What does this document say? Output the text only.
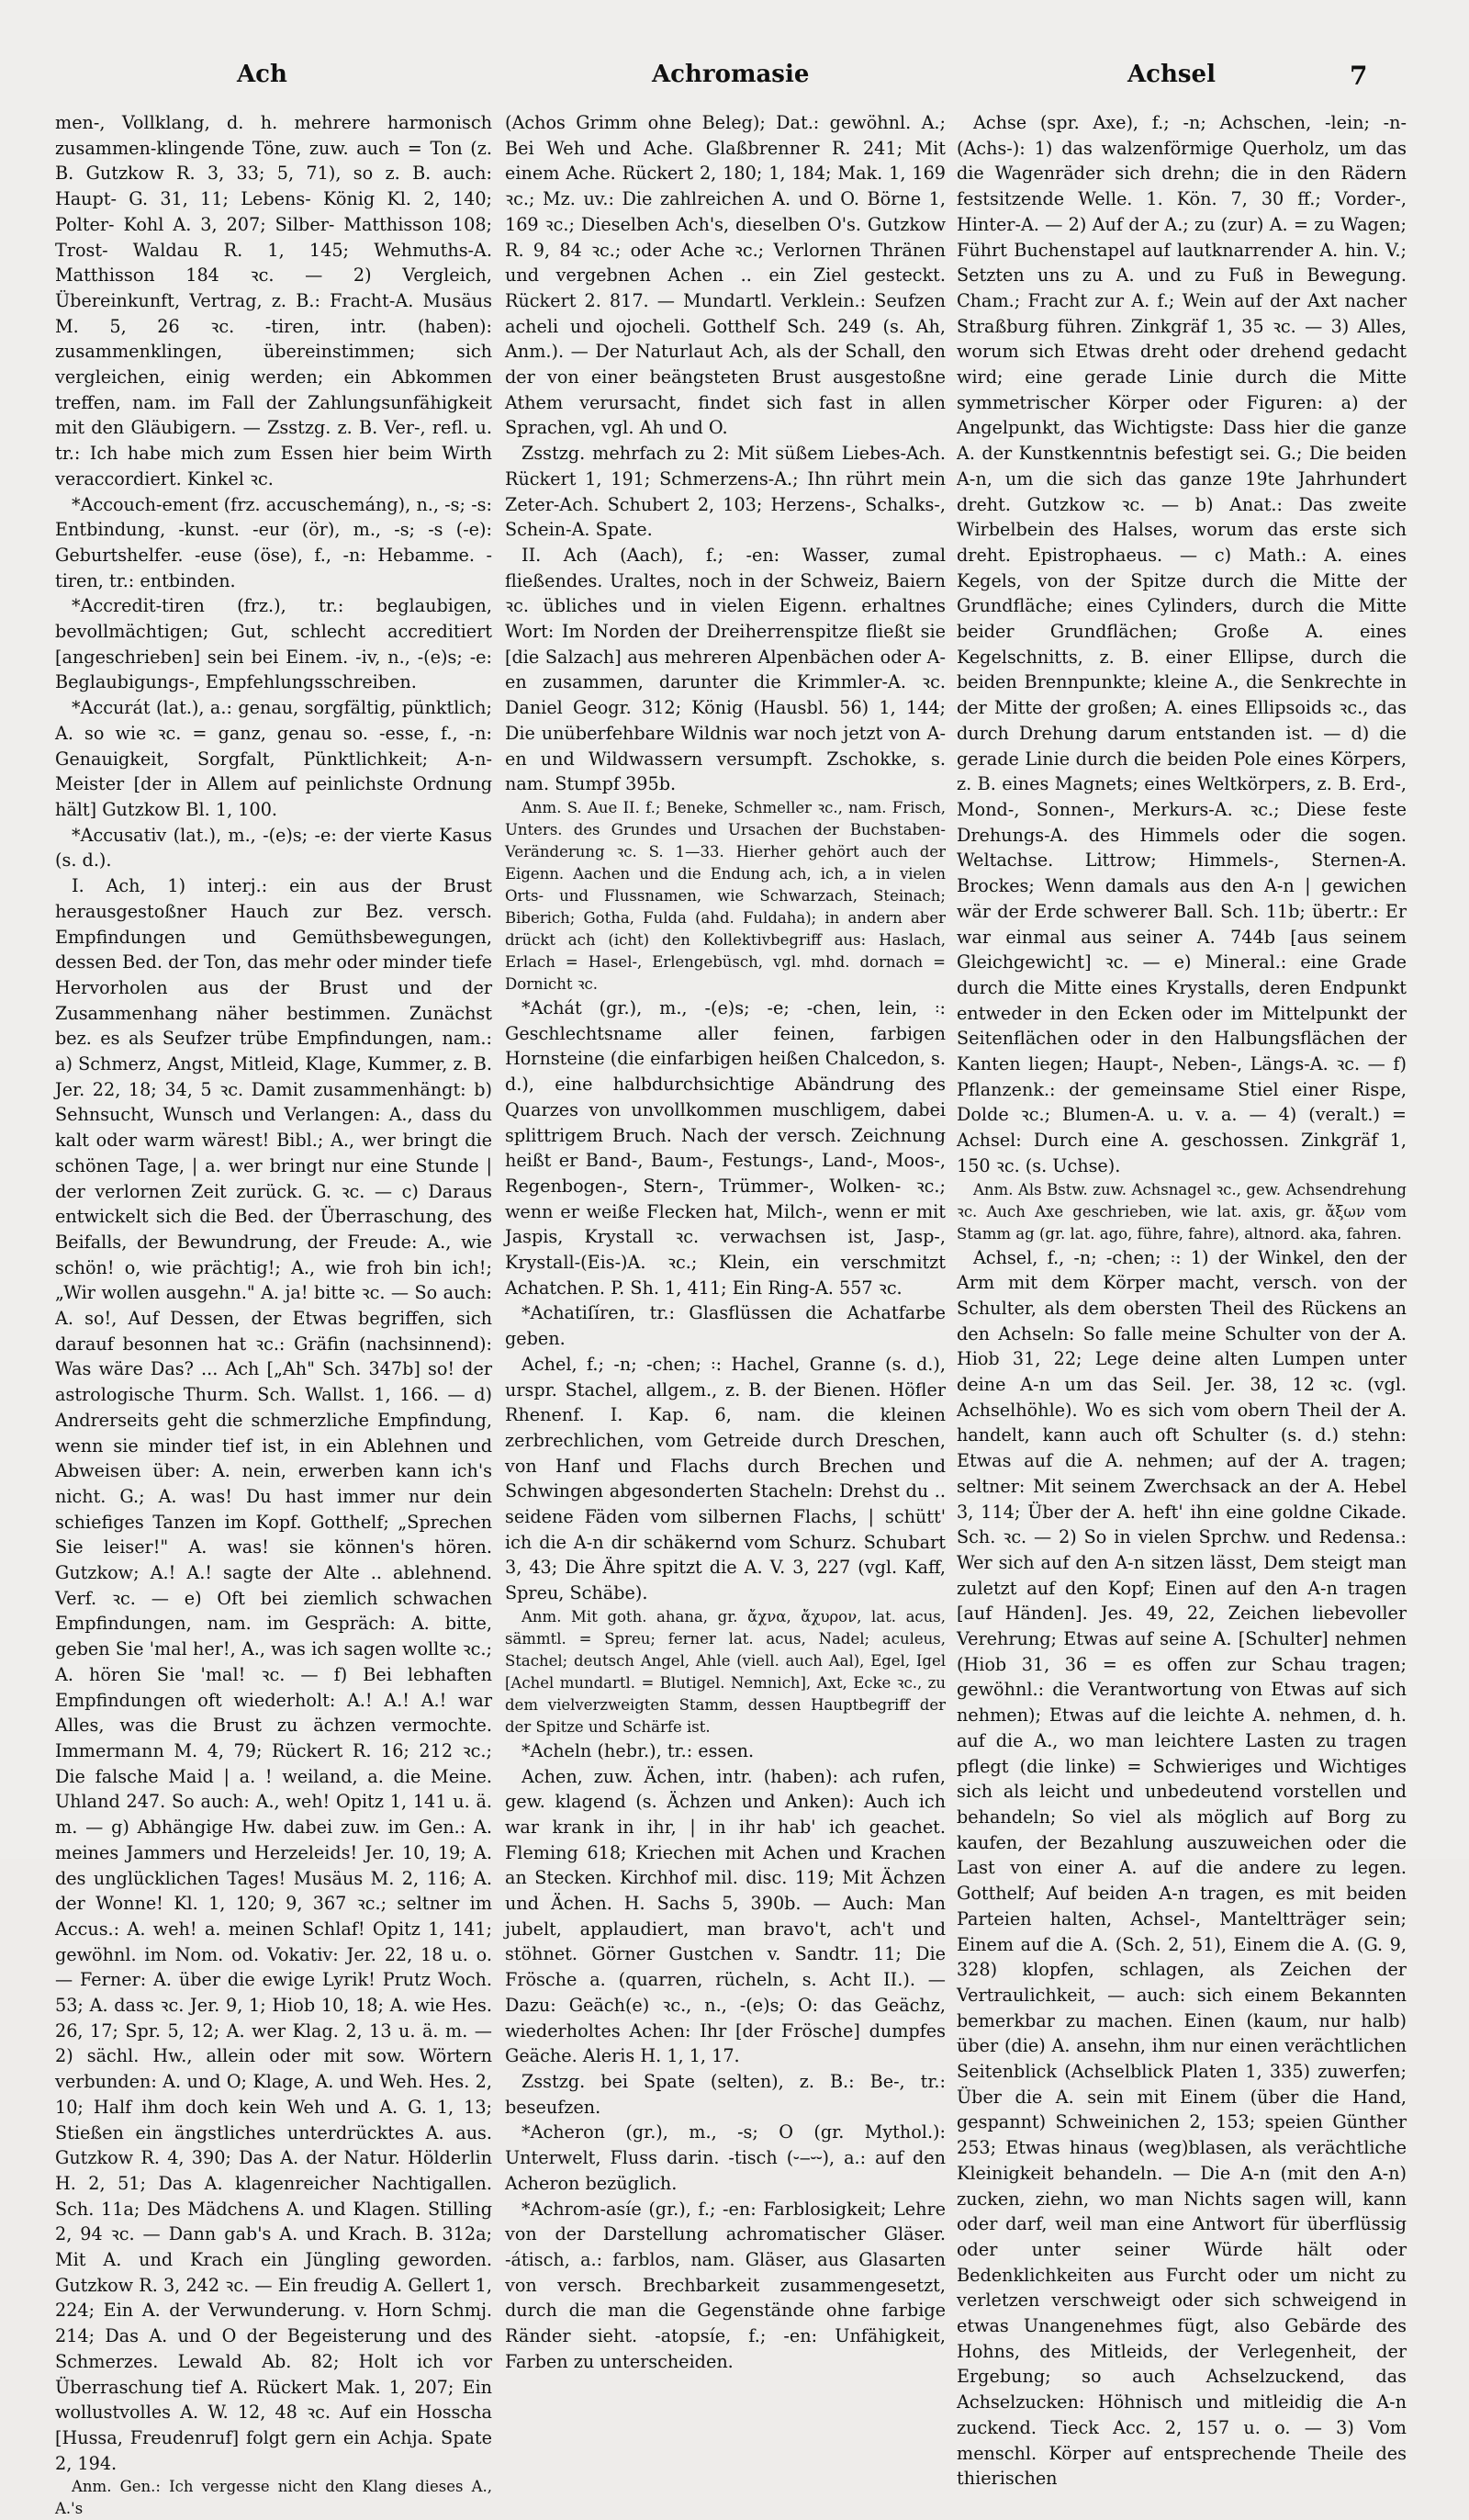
Ach	Achromasie	Achsel	7

men-, Vollklang, d. h. mehrere harmonisch zusammen-klingende Töne, zuw. auch = Ton (z. B. Gutzkow R. 3, 33; 5, 71), so z. B. auch: Haupt- G. 31, 11; Lebens- König Kl. 2, 140; Polter- Kohl A. 3, 207; Silber- Matthisson 108; Trost- Waldau R. 1, 145; Wehmuths-A. Matthisson 184 ꝛc. — 2) Vergleich, Übereinkunft, Vertrag, z. B.: Fracht-A. Musäus M. 5, 26 ꝛc. -tiren, intr. (haben): zusammenklingen, übereinstimmen; sich vergleichen, einig werden; ein Abkommen treffen, nam. im Fall der Zahlungsunfähigkeit mit den Gläubigern. — Zsstzg. z. B. Ver-, refl. u. tr.: Ich habe mich zum Essen hier beim Wirth veraccordiert. Kinkel ꝛc.

*Accouch-ement (frz. accuschemáng), n., -s; -s: Entbindung, -kunst. -eur (ör), m., -s; -s (-e): Geburtshelfer. -euse (öse), f., -n: Hebamme. -tiren, tr.: entbinden.

*Accredit-tiren (frz.), tr.: beglaubigen, bevollmächtigen; Gut, schlecht accreditiert [angeschrieben] sein bei Einem. -iv, n., -(e)s; -e: Beglaubigungs-, Empfehlungsschreiben.

*Accurát (lat.), a.: genau, sorgfältig, pünktlich; A. so wie ꝛc. = ganz, genau so. -esse, f., -n: Genauigkeit, Sorgfalt, Pünktlichkeit; A-n-Meister [der in Allem auf peinlichste Ordnung hält] Gutzkow Bl. 1, 100.

*Accusativ (lat.), m., -(e)s; -e: der vierte Kasus (s. d.).

I. Ach, 1) interj.: ein aus der Brust herausgestoßner Hauch zur Bez. versch. Empfindungen und Gemüthsbewegungen, dessen Bed. der Ton, das mehr oder minder tiefe Hervorholen aus der Brust und der Zusammenhang näher bestimmen. Zunächst bez. es als Seufzer trübe Empfindungen, nam.: a) Schmerz, Angst, Mitleid, Klage, Kummer, z. B. Jer. 22, 18; 34, 5 ꝛc. Damit zusammenhängt: b) Sehnsucht, Wunsch und Verlangen: A., dass du kalt oder warm wärest! Bibl.; A., wer bringt die schönen Tage, | a. wer bringt nur eine Stunde | der verlornen Zeit zurück. G. ꝛc. — c) Daraus entwickelt sich die Bed. der Überraschung, des Beifalls, der Bewundrung, der Freude: A., wie schön! o, wie prächtig!; A., wie froh bin ich!; „Wir wollen ausgehn." A. ja! bitte ꝛc. — So auch: A. so!, Auf Dessen, der Etwas begriffen, sich darauf besonnen hat ꝛc.: Gräfin (nachsinnend): Was wäre Das? ... Ach [„Ah" Sch. 347b] so! der astrologische Thurm. Sch. Wallst. 1, 166. — d) Andrerseits geht die schmerzliche Empfindung, wenn sie minder tief ist, in ein Ablehnen und Abweisen über: A. nein, erwerben kann ich's nicht. G.; A. was! Du hast immer nur dein schiefiges Tanzen im Kopf. Gotthelf; „Sprechen Sie leiser!" A. was! sie können's hören. Gutzkow; A.! A.! sagte der Alte .. ablehnend. Verf. ꝛc. — e) Oft bei ziemlich schwachen Empfindungen, nam. im Gespräch: A. bitte, geben Sie 'mal her!, A., was ich sagen wollte ꝛc.; A. hören Sie 'mal! ꝛc. — f) Bei lebhaften Empfindungen oft wiederholt: A.! A.! A.! war Alles, was die Brust zu ächzen vermochte. Immermann M. 4, 79; Rückert R. 16; 212 ꝛc.; Die falsche Maid | a. ! weiland, a. die Meine. Uhland 247. So auch: A., weh! Opitz 1, 141 u. ä. m. — g) Abhängige Hw. dabei zuw. im Gen.: A. meines Jammers und Herzeleids! Jer. 10, 19; A. des unglücklichen Tages! Musäus M. 2, 116; A. der Wonne! Kl. 1, 120; 9, 367 ꝛc.; seltner im Accus.: A. weh! a. meinen Schlaf! Opitz 1, 141; gewöhnl. im Nom. od. Vokativ: Jer. 22, 18 u. o. — Ferner: A. über die ewige Lyrik! Prutz Woch. 53; A. dass ꝛc. Jer. 9, 1; Hiob 10, 18; A. wie Hes. 26, 17; Spr. 5, 12; A. wer Klag. 2, 13 u. ä. m. — 2) sächl. Hw., allein oder mit sow. Wörtern verbunden: A. und O; Klage, A. und Weh. Hes. 2, 10; Half ihm doch kein Weh und A. G. 1, 13; Stießen ein ängstliches unterdrücktes A. aus. Gutzkow R. 4, 390; Das A. der Natur. Hölderlin H. 2, 51; Das A. klagenreicher Nachtigallen. Sch. 11a; Des Mädchens A. und Klagen. Stilling 2, 94 ꝛc. — Dann gab's A. und Krach. B. 312a; Mit A. und Krach ein Jüngling geworden. Gutzkow R. 3, 242 ꝛc. — Ein freudig A. Gellert 1, 224; Ein A. der Verwunderung. v. Horn Schmj. 214; Das A. und O der Begeisterung und des Schmerzes. Lewald Ab. 82; Holt ich vor Überraschung tief A. Rückert Mak. 1, 207; Ein wollustvolles A. W. 12, 48 ꝛc. Auf ein Hosscha [Hussa, Freudenruf] folgt gern ein Achja. Spate 2, 194.

Anm. Gen.: Ich vergesse nicht den Klang dieses A., A.'s

(Achos Grimm ohne Beleg); Dat.: gewöhnl. A.; Bei Weh und Ache. Glaßbrenner R. 241; Mit einem Ache. Rückert 2, 180; 1, 184; Mak. 1, 169 ꝛc.; Mz. uv.: Die zahlreichen A. und O. Börne 1, 169 ꝛc.; Dieselben Ach's, dieselben O's. Gutzkow R. 9, 84 ꝛc.; oder Ache ꝛc.; Verlornen Thränen und vergebnen Achen .. ein Ziel gesteckt. Rückert 2. 817. — Mundartl. Verklein.: Seufzen acheli und ojocheli. Gotthelf Sch. 249 (s. Ah, Anm.). — Der Naturlaut Ach, als der Schall, den der von einer beängsteten Brust ausgestoßne Athem verursacht, findet sich fast in allen Sprachen, vgl. Ah und O.

Zsstzg. mehrfach zu 2: Mit süßem Liebes-Ach. Rückert 1, 191; Schmerzens-A.; Ihn rührt mein Zeter-Ach. Schubert 2, 103; Herzens-, Schalks-, Schein-A. Spate.

II. Ach (Aach), f.; -en: Wasser, zumal fließendes. Uraltes, noch in der Schweiz, Baiern ꝛc. übliches und in vielen Eigenn. erhaltnes Wort: Im Norden der Dreiherrenspitze fließt sie [die Salzach] aus mehreren Alpenbächen oder A-en zusammen, darunter die Krimmler-A. ꝛc. Daniel Geogr. 312; König (Hausbl. 56) 1, 144; Die unüberfehbare Wildnis war noch jetzt von A-en und Wildwassern versumpft. Zschokke, s. nam. Stumpf 395b.

Anm. S. Aue II. f.; Beneke, Schmeller ꝛc., nam. Frisch, Unters. des Grundes und Ursachen der Buchstaben-Veränderung ꝛc. S. 1—33. Hierher gehört auch der Eigenn. Aachen und die Endung ach, ich, a in vielen Orts- und Flussnamen, wie Schwarzach, Steinach; Biberich; Gotha, Fulda (ahd. Fuldaha); in andern aber drückt ach (icht) den Kollektivbegriff aus: Haslach, Erlach = Hasel-, Erlengebüsch, vgl. mhd. dornach = Dornicht ꝛc.

*Achát (gr.), m., -(e)s; -e; -chen, lein, ꞉: Geschlechtsname aller feinen, farbigen Hornsteine (die einfarbigen heißen Chalcedon, s. d.), eine halbdurchsichtige Abändrung des Quarzes von unvollkommen muschligem, dabei splittrigem Bruch. Nach der versch. Zeichnung heißt er Band-, Baum-, Festungs-, Land-, Moos-, Regenbogen-, Stern-, Trümmer-, Wolken- ꝛc.; wenn er weiße Flecken hat, Milch-, wenn er mit Jaspis, Krystall ꝛc. verwachsen ist, Jasp-, Krystall-(Eis-)A. ꝛc.; Klein, ein verschmitzt Achatchen. P. Sh. 1, 411; Ein Ring-A. 557 ꝛc.

*Achatiſíren, tr.: Glasflüssen die Achatfarbe geben.

Achel, f.; -n; -chen; ꞉: Hachel, Granne (s. d.), urspr. Stachel, allgem., z. B. der Bienen. Höfler Rhenenf. I. Kap. 6, nam. die kleinen zerbrechlichen, vom Getreide durch Dreschen, von Hanf und Flachs durch Brechen und Schwingen abgesonderten Stacheln: Drehst du .. seidene Fäden vom silbernen Flachs, | schütt' ich die A-n dir schäkernd vom Schurz. Schubart 3, 43; Die Ähre spitzt die A. V. 3, 227 (vgl. Kaff, Spreu, Schäbe).

Anm. Mit goth. ahana, gr. ἄχνα, ἄχυρον, lat. acus, sämmtl. = Spreu; ferner lat. acus, Nadel; aculeus, Stachel; deutsch Angel, Ahle (viell. auch Aal), Egel, Igel [Achel mundartl. = Blutigel. Nemnich], Axt, Ecke ꝛc., zu dem vielverzweigten Stamm, dessen Hauptbegriff der der Spitze und Schärfe ist.

*Acheln (hebr.), tr.: essen.

Achen, zuw. Ächen, intr. (haben): ach rufen, gew. klagend (s. Ächzen und Anken): Auch ich war krank in ihr, | in ihr hab' ich geachet. Fleming 618; Kriechen mit Achen und Krachen an Stecken. Kirchhof mil. disc. 119; Mit Ächzen und Ächen. H. Sachs 5, 390b. — Auch: Man jubelt, applaudiert, man bravo't, ach't und stöhnet. Görner Gustchen v. Sandtr. 11; Die Frösche a. (quarren, rücheln, s. Acht II.). — Dazu: Geäch(e) ꝛc., n., -(e)s; O: das Geächz, wiederholtes Achen: Ihr [der Frösche] dumpfes Geäche. Aleris H. 1, 1, 17.

Zsstzg. bei Spate (selten), z. B.: Be-, tr.: beseufzen.

*Acheron (gr.), m., -s; O (gr. Mythol.): Unterwelt, Fluss darin. -tisch (⏑‒⏑⏑), a.: auf den Acheron bezüglich.

*Achrom-asíe (gr.), f.; -en: Farblosigkeit; Lehre von der Darstellung achromatischer Gläser. -átisch, a.: farblos, nam. Gläser, aus Glasarten von versch. Brechbarkeit zusammengesetzt, durch die man die Gegenstände ohne farbige Ränder sieht. -atopsíe, f.; -en: Unfähigkeit, Farben zu unterscheiden.

Achse (spr. Axe), f.; -n; Achschen, -lein; -n- (Achs-): 1) das walzenförmige Querholz, um das die Wagenräder sich drehn; die in den Rädern festsitzende Welle. 1. Kön. 7, 30 ff.; Vorder-, Hinter-A. — 2) Auf der A.; zu (zur) A. = zu Wagen; Führt Buchenstapel auf lautknarrender A. hin. V.; Setzten uns zu A. und zu Fuß in Bewegung. Cham.; Fracht zur A. f.; Wein auf der Axt nacher Straßburg führen. Zinkgräf 1, 35 ꝛc. — 3) Alles, worum sich Etwas dreht oder drehend gedacht wird; eine gerade Linie durch die Mitte symmetrischer Körper oder Figuren: a) der Angelpunkt, das Wichtigste: Dass hier die ganze A. der Kunstkenntnis befestigt sei. G.; Die beiden A-n, um die sich das ganze 19te Jahrhundert dreht. Gutzkow ꝛc. — b) Anat.: Das zweite Wirbelbein des Halses, worum das erste sich dreht. Epistrophaeus. — c) Math.: A. eines Kegels, von der Spitze durch die Mitte der Grundfläche; eines Cylinders, durch die Mitte beider Grundflächen; Große A. eines Kegelschnitts, z. B. einer Ellipse, durch die beiden Brennpunkte; kleine A., die Senkrechte in der Mitte der großen; A. eines Ellipsoids ꝛc., das durch Drehung darum entstanden ist. — d) die gerade Linie durch die beiden Pole eines Körpers, z. B. eines Magnets; eines Weltkörpers, z. B. Erd-, Mond-, Sonnen-, Merkurs-A. ꝛc.; Diese feste Drehungs-A. des Himmels oder die sogen. Weltachse. Littrow; Himmels-, Sternen-A. Brockes; Wenn damals aus den A-n | gewichen wär der Erde schwerer Ball. Sch. 11b; übertr.: Er war einmal aus seiner A. 744b [aus seinem Gleichgewicht] ꝛc. — e) Mineral.: eine Grade durch die Mitte eines Krystalls, deren Endpunkt entweder in den Ecken oder im Mittelpunkt der Seitenflächen oder in den Halbungsflächen der Kanten liegen; Haupt-, Neben-, Längs-A. ꝛc. — f) Pflanzenk.: der gemeinsame Stiel einer Rispe, Dolde ꝛc.; Blumen-A. u. v. a. — 4) (veralt.) = Achsel: Durch eine A. geschossen. Zinkgräf 1, 150 ꝛc. (s. Uchse).

Anm. Als Bstw. zuw. Achsnagel ꝛc., gew. Achsendrehung ꝛc. Auch Axe geschrieben, wie lat. axis, gr. ἄξων vom Stamm ag (gr. lat. ago, führe, fahre), altnord. aka, fahren.

Achsel, f., -n; -chen; ꞉: 1) der Winkel, den der Arm mit dem Körper macht, versch. von der Schulter, als dem obersten Theil des Rückens an den Achseln: So falle meine Schulter von der A. Hiob 31, 22; Lege deine alten Lumpen unter deine A-n um das Seil. Jer. 38, 12 ꝛc. (vgl. Achselhöhle). Wo es sich vom obern Theil der A. handelt, kann auch oft Schulter (s. d.) stehn: Etwas auf die A. nehmen; auf der A. tragen; seltner: Mit seinem Zwerchsack an der A. Hebel 3, 114; Über der A. heft' ihn eine goldne Cikade. Sch. ꝛc. — 2) So in vielen Sprchw. und Redensa.: Wer sich auf den A-n sitzen lässt, Dem steigt man zuletzt auf den Kopf; Einen auf den A-n tragen [auf Händen]. Jes. 49, 22, Zeichen liebevoller Verehrung; Etwas auf seine A. [Schulter] nehmen (Hiob 31, 36 = es offen zur Schau tragen; gewöhnl.: die Verantwortung von Etwas auf sich nehmen); Etwas auf die leichte A. nehmen, d. h. auf die A., wo man leichtere Lasten zu tragen pflegt (die linke) = Schwieriges und Wichtiges sich als leicht und unbedeutend vorstellen und behandeln; So viel als möglich auf Borg zu kaufen, der Bezahlung auszuweichen oder die Last von einer A. auf die andere zu legen. Gotthelf; Auf beiden A-n tragen, es mit beiden Parteien halten, Achsel-, Manteltträger sein; Einem auf die A. (Sch. 2, 51), Einem die A. (G. 9, 328) klopfen, schlagen, als Zeichen der Vertraulichkeit, — auch: sich einem Bekannten bemerkbar zu machen. Einen (kaum, nur halb) über (die) A. ansehn, ihm nur einen verächtlichen Seitenblick (Achselblick Platen 1, 335) zuwerfen; Über die A. sein mit Einem (über die Hand, gespannt) Schweinichen 2, 153; speien Günther 253; Etwas hinaus (weg)blasen, als verächtliche Kleinigkeit behandeln. — Die A-n (mit den A-n) zucken, ziehn, wo man Nichts sagen will, kann oder darf, weil man eine Antwort für überflüssig oder unter seiner Würde hält oder Bedenklichkeiten aus Furcht oder um nicht zu verletzen verschweigt oder sich schweigend in etwas Unangenehmes fügt, also Gebärde des Hohns, des Mitleids, der Verlegenheit, der Ergebung; so auch Achselzuckend, das Achselzucken: Höhnisch und mitleidig die A-n zuckend. Tieck Acc. 2, 157 u. o. — 3) Vom menschl. Körper auf entsprechende Theile des thierischen
